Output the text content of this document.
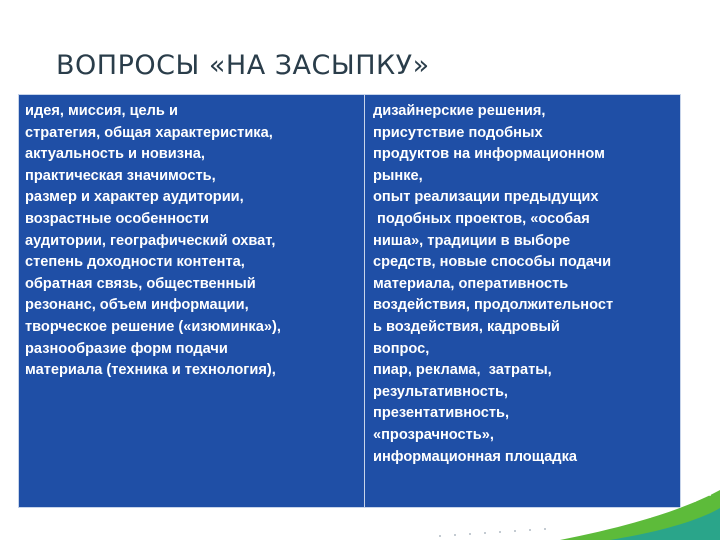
ВОПРОСЫ «НА ЗАСЫПКУ»
идея, миссия, цель и
стратегия, общая характеристика,
актуальность и новизна,
практическая значимость,
размер и характер аудитории,
возрастные особенности
аудитории, географический охват,
степень доходности контента,
обратная связь, общественный
резонанс, объем информации,
творческое решение («изюминка»),
разнообразие форм подачи
материала (техника и технология),
дизайнерские решения,
присутствие подобных
продуктов на информационном
рынке,
опыт реализации предыдущих
подобных проектов, «особая
ниша», традиции в выборе
средств, новые способы подачи
материала, оперативность
воздействия, продолжительност
ь воздействия, кадровый
вопрос,
пиар, реклама,  затраты,
результативность,
презентативность,
«прозрачность»,
информационная площадка
